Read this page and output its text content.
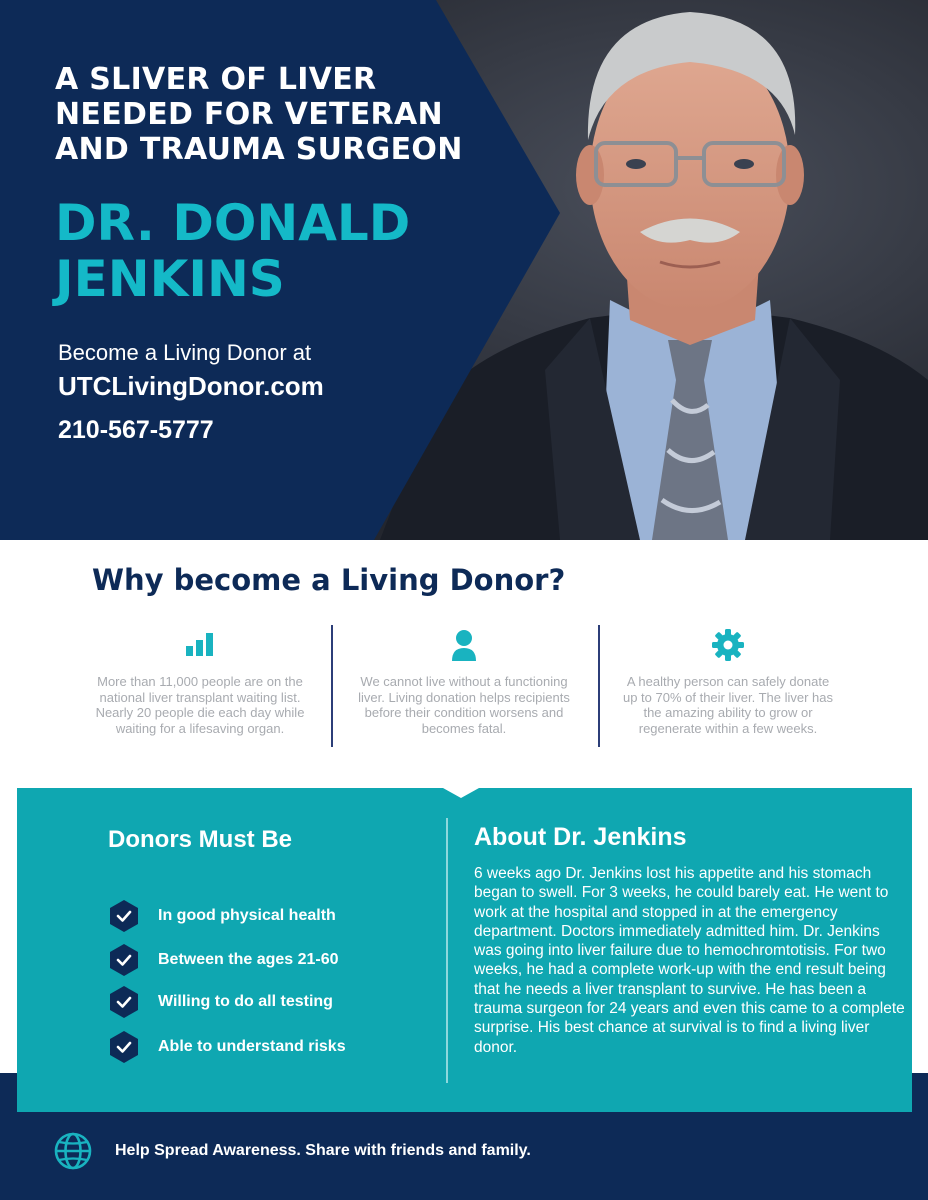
A SLIVER OF LIVER NEEDED FOR VETERAN AND TRAUMA SURGEON
DR. DONALD JENKINS
Become a Living Donor at
UTCLivingDonor.com
210-567-5777
Why become a Living Donor?

More than 11,000 people are on the national liver transplant waiting list. Nearly 20 people die each day while waiting for a lifesaving organ.

We cannot live without a functioning liver. Living donation helps recipients before their condition worsens and becomes fatal.

A healthy person can safely donate up to 70% of their liver. The liver has the amazing ability to grow or regenerate within a few weeks.

Donors Must Be
In good physical health
Between the ages 21-60
Willing to do all testing
Able to understand risks
About Dr. Jenkins

6 weeks ago Dr. Jenkins lost his appetite and his stomach began to swell. For 3 weeks, he could barely eat. He went to work at the hospital and stopped in at the emergency department. Doctors immediately admitted him. Dr. Jenkins was going into liver failure due to hemochromtotisis. For two weeks, he had a complete work-up with the end result being that he needs a liver transplant to survive. He has been a trauma surgeon for 24 years and even this came to a complete surprise. His best chance at survival is to find a living liver donor.

Help Spread Awareness. Share with friends and family.
